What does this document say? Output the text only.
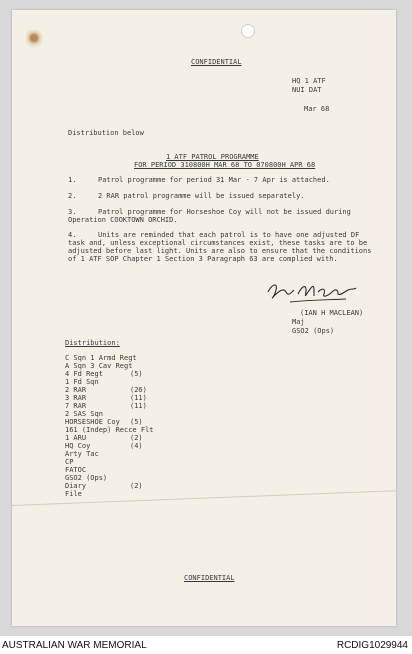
CONFIDENTIAL
HQ 1 ATF
NUI DAT
Mar 68
Distribution below
1 ATF PATROL PROGRAMME
FOR PERIOD 310800H MAR 68 TO 070800H APR 68
1.	Patrol programme for period 31 Mar - 7 Apr is attached.
2.	2 RAR patrol programme will be issued separately.
3.	Patrol programme for Horseshoe Coy will not be issued during Operation COOKTOWN ORCHID.
4.	Units are reminded that each patrol is to have one adjusted DF task and, unless exceptional circumstances exist, these tasks are to be adjusted before last light. Units are also to ensure that the conditions of 1 ATF SOP Chapter 1 Section 3 Paragraph 63 are complied with.
(IAN H MACLEAN)
Maj
GSO2 (Ops)
Distribution:
C Sqn 1 Armd Regt
A Sqn 3 Cav Regt
4 Fd Regt	(5)
1 Fd Sqn
2 RAR	(26)
3 RAR	(11)
7 RAR	(11)
2 SAS Sqn
HORSESHOE Coy (5)
161 (Indep) Recce Flt
1 ARU	(2)
HQ Coy	(4)
Arty Tac
CP
FATOC
GSO2 (Ops)
Diary	(2)
File
CONFIDENTIAL
AUSTRALIAN WAR MEMORIAL	RCDIG1029944
